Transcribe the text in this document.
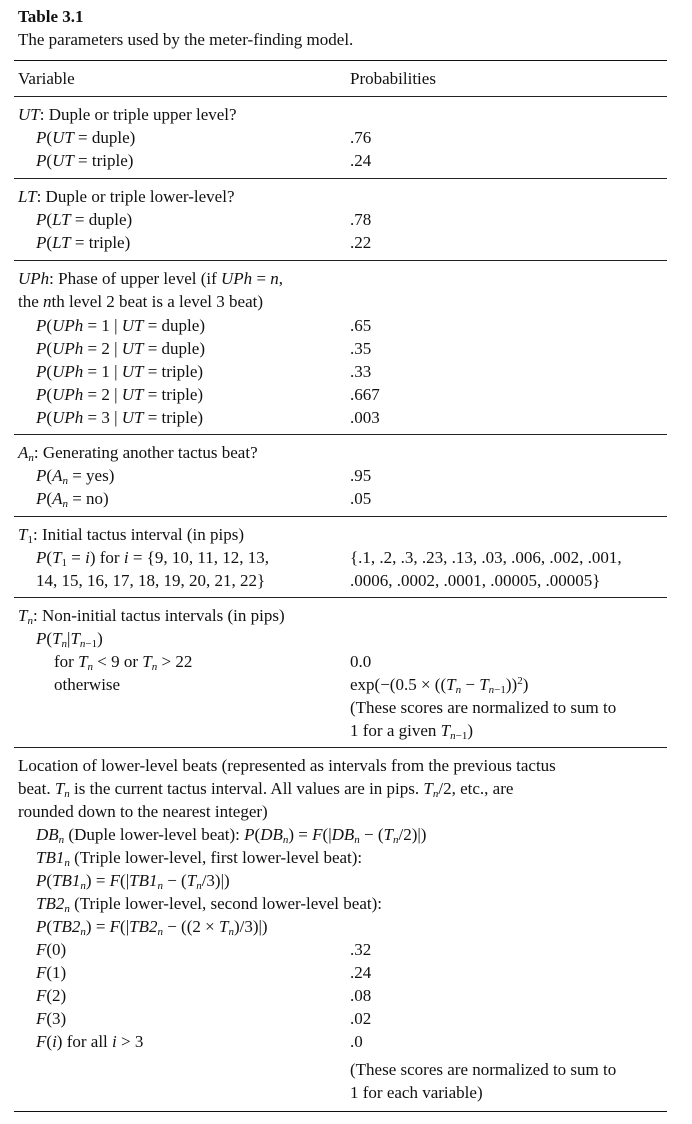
Table 3.1
The parameters used by the meter-finding model.
Variable	Probabilities
UT: Duple or triple upper level?
P(UT = duple)	.76
P(UT = triple)	.24
LT: Duple or triple lower-level?
P(LT = duple)	.78
P(LT = triple)	.22
UPh: Phase of upper level (if UPh = n,
the nth level 2 beat is a level 3 beat)
P(UPh = 1 | UT = duple)	.65
P(UPh = 2 | UT = duple)	.35
P(UPh = 1 | UT = triple)	.33
P(UPh = 2 | UT = triple)	.667
P(UPh = 3 | UT = triple)	.003
$A_n$: Generating another tactus beat?
$P(A_n = yes)$	.95
$P(A_n = no)$	.05
$T_1$: Initial tactus interval (in pips)
$P(T_1 = i)$ for i = {9, 10, 11, 12, 13,	{.1, .2, .3, .23, .13, .03, .006, .002, .001,
14, 15, 16, 17, 18, 19, 20, 21, 22}	.0006, .0002, .0001, .00005, .00005}
$T_n$: Non-initial tactus intervals (in pips)
$P(T_n|T_{n-1})$
for $T_n < 9$ or $T_n > 22$	0.0
otherwise	$\exp(-(0.5 \times ((T_n - T_{n-1}))^2)$
(These scores are normalized to sum to
1 for a given $T_{n-1}$)
Location of lower-level beats (represented as intervals from the previous tactus
beat. $T_n$ is the current tactus interval. All values are in pips. $T_n/2$, etc., are
rounded down to the nearest integer)
$DB_n$ (Duple lower-level beat): $P(DB_n) = F(|DB_n - (T_n/2)|)$
$TB1_n$ (Triple lower-level, first lower-level beat):
$P(TB1_n) = F(|TB1_n - (T_n/3)|)$
$TB2_n$ (Triple lower-level, second lower-level beat):
$P(TB2_n) = F(|TB2_n - ((2 \times T_n)/3)|)$
F(0)	.32
F(1)	.24
F(2)	.08
F(3)	.02
F(i) for all i > 3	.0
(These scores are normalized to sum to
1 for each variable)
